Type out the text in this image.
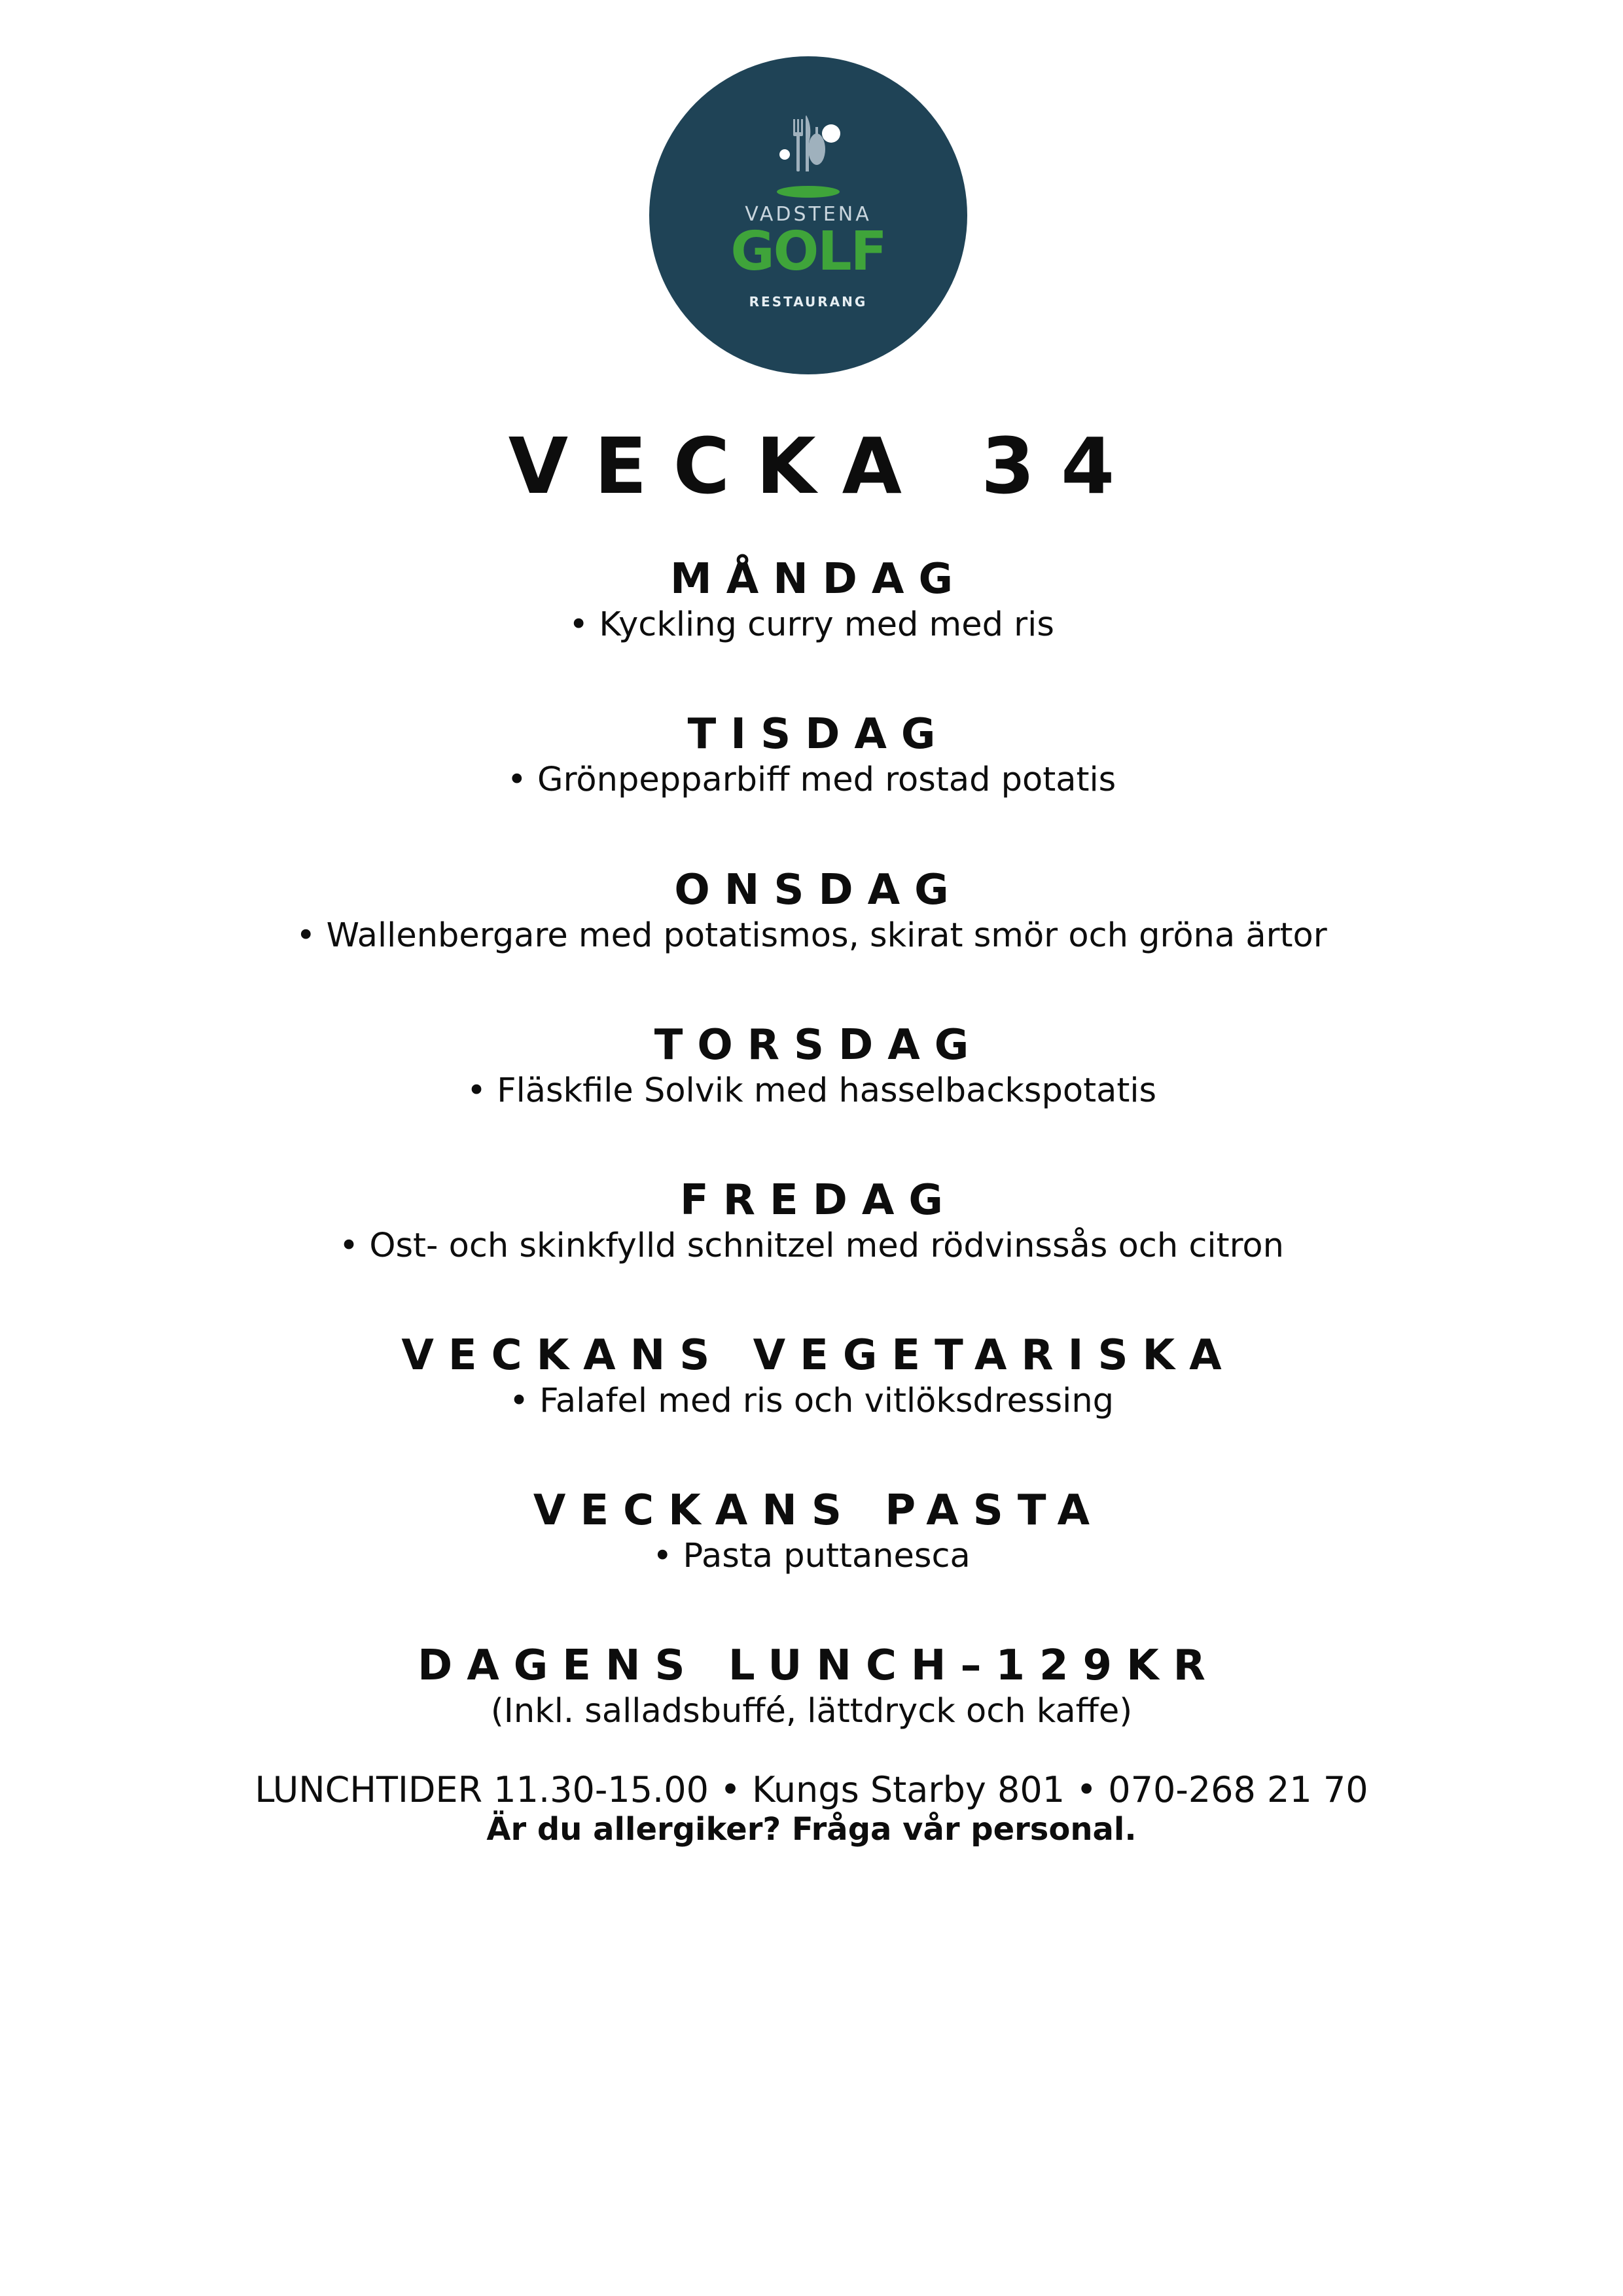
VADSTENA
GOLF
RESTAURANG
VECKA 34
MÅNDAG
• Kyckling curry med med ris
TISDAG
• Grönpepparbiff med rostad potatis
ONSDAG
• Wallenbergare med potatismos, skirat smör och gröna ärtor
TORSDAG
• Fläskfile Solvik med hasselbackspotatis
FREDAG
• Ost- och skinkfylld schnitzel med rödvinssås och citron
VECKANS VEGETARISKA
• Falafel med ris och vitlöksdressing
VECKANS PASTA
• Pasta puttanesca
DAGENS LUNCH–129KR
(Inkl. salladsbuffé, lättdryck och kaffe)
LUNCHTIDER 11.30-15.00 • Kungs Starby 801 • 070-268 21 70
Är du allergiker? Fråga vår personal.
